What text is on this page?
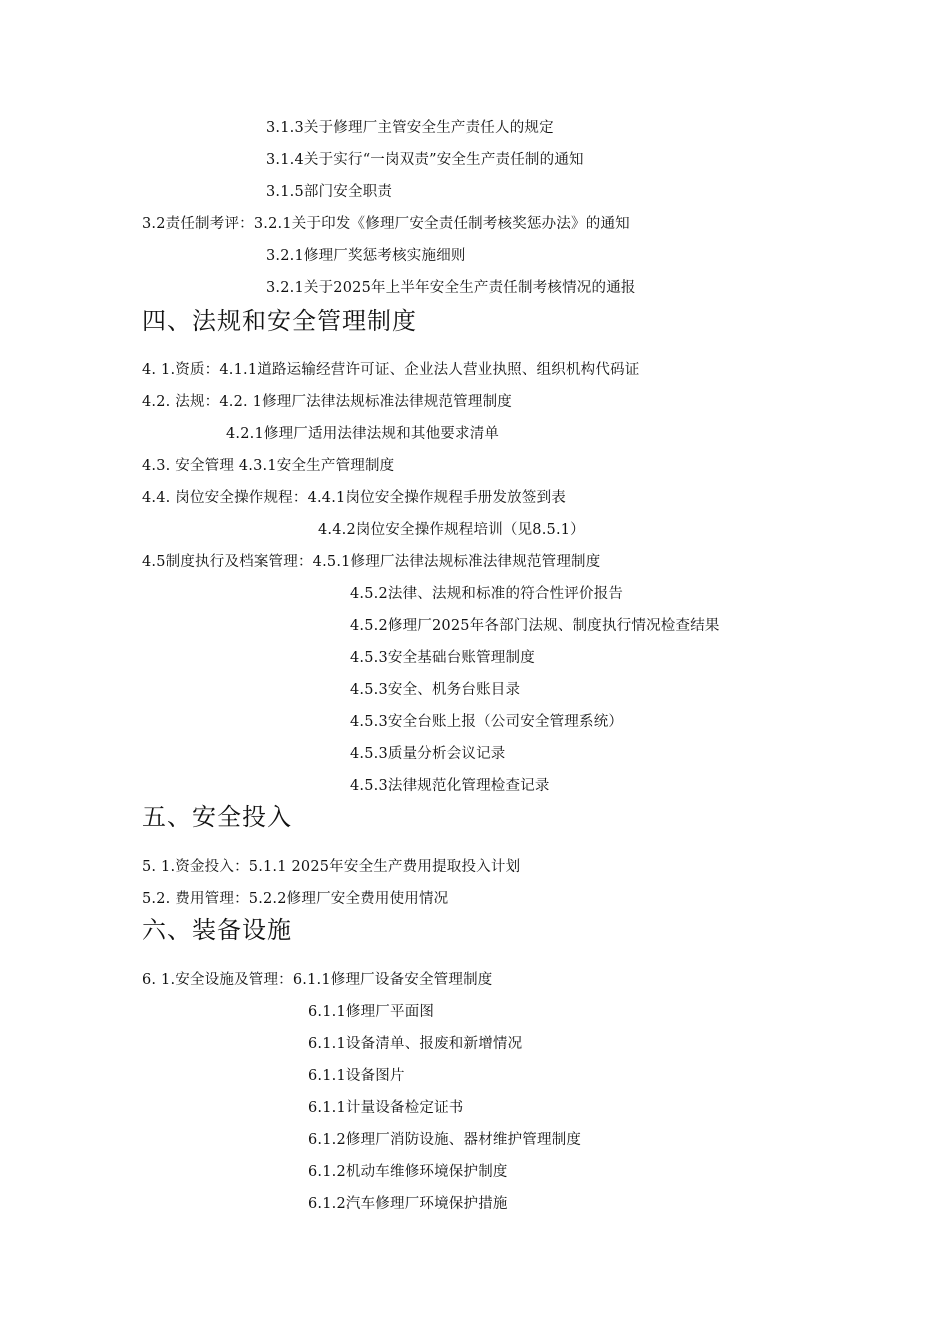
3.1.3关于修理厂主管安全生产责任人的规定
3.1.4关于实行“一岗双责”安全生产责任制的通知
3.1.5部门安全职责
3.2责任制考评：3.2.1关于印发《修理厂安全责任制考核奖惩办法》的通知
3.2.1修理厂奖惩考核实施细则
3.2.1关于2025年上半年安全生产责任制考核情况的通报
四、法规和安全管理制度
4. 1.资质：4.1.1道路运输经营许可证、企业法人营业执照、组织机构代码证
4.2. 法规：4.2. 1修理厂法律法规标准法律规范管理制度
4.2.1修理厂适用法律法规和其他要求清单
4.3. 安全管理 4.3.1安全生产管理制度
4.4. 岗位安全操作规程：4.4.1岗位安全操作规程手册发放签到表
4.4.2岗位安全操作规程培训（见8.5.1）
4.5制度执行及档案管理：4.5.1修理厂法律法规标准法律规范管理制度
4.5.2法律、法规和标准的符合性评价报告
4.5.2修理厂2025年各部门法规、制度执行情况检查结果
4.5.3安全基础台账管理制度
4.5.3安全、机务台账目录
4.5.3安全台账上报（公司安全管理系统）
4.5.3质量分析会议记录
4.5.3法律规范化管理检查记录
五、安全投入
5. 1.资金投入：5.1.1 2025年安全生产费用提取投入计划
5.2. 费用管理：5.2.2修理厂安全费用使用情况
六、装备设施
6. 1.安全设施及管理：6.1.1修理厂设备安全管理制度
6.1.1修理厂平面图
6.1.1设备清单、报废和新增情况
6.1.1设备图片
6.1.1计量设备检定证书
6.1.2修理厂消防设施、器材维护管理制度
6.1.2机动车维修环境保护制度
6.1.2汽车修理厂环境保护措施
